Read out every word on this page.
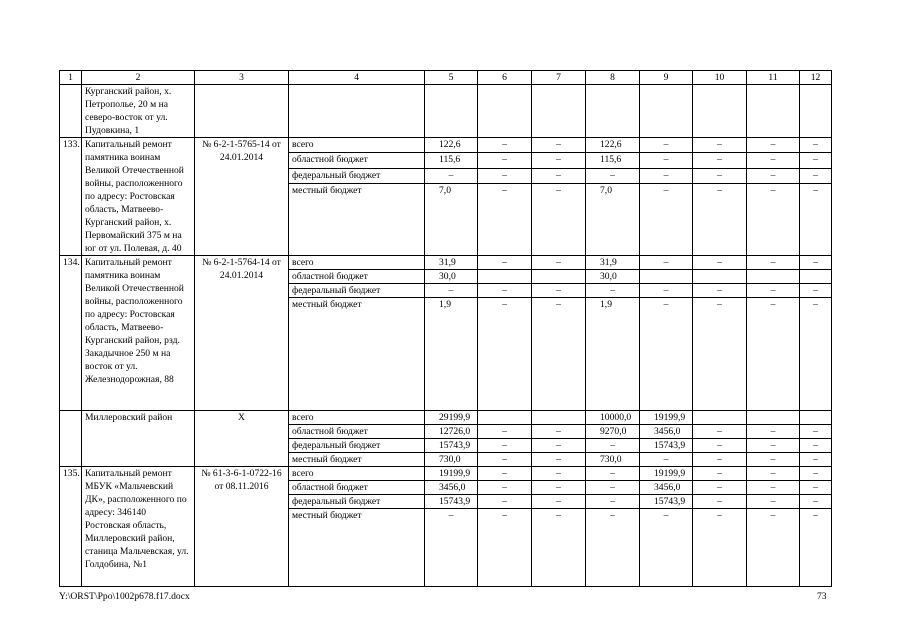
1	2	3	4	5	6	7	8	9	10	11	12
	Курганский район, х. Петрополье, 20 м на северо-восток от ул. Пудовкина, 1										
133.	Капитальный ремонт памятника воинам Великой Отечественной войны, расположенного по адресу: Ростовская область, Матвеево-Курганский район, х. Первомайский 375 м на юг от ул. Полевая, д. 40	№ 6-2-1-5765-14 от 24.01.2014	всего	122,6	–	–	122,6	–	–	–	–
			областной бюджет	115,6	–	–	115,6	–	–	–	–
			федеральный бюджет	–	–	–	–	–	–	–	–
			местный бюджет	7,0	–	–	7,0	–	–	–	–
134.	Капитальный ремонт памятника воинам Великой Отечественной войны, расположенного по адресу: Ростовская область, Матвеево-Курганский район, рзд. Закадычное 250 м на восток от ул. Железнодорожная, 88	№ 6-2-1-5764-14 от 24.01.2014	всего	31,9	–	–	31,9	–	–	–	–
			областной бюджет	30,0			30,0				
			федеральный бюджет	–	–	–	–	–	–	–	–
			местный бюджет	1,9	–	–	1,9	–	–	–	–
	Миллеровский район	Х	всего	29199,9			10000,0	19199,9			
			областной бюджет	12726,0	–	–	9270,0	3456,0	–	–	–
			федеральный бюджет	15743,9	–	–	–	15743,9	–	–	–
			местный бюджет	730,0	–	–	730,0	–	–	–	–
135.	Капитальный ремонт МБУК «Мальчевский ДК», расположенного по адресу: 346140 Ростовская область, Миллеровский район, станица Мальчевская, ул. Голдобина, №1	№ 61-3-6-1-0722-16 от 08.11.2016	всего	19199,9	–	–	–	19199,9	–	–	–
			областной бюджет	3456,0	–	–	–	3456,0	–	–	–
			федеральный бюджет	15743,9	–	–	–	15743,9	–	–	–
			местный бюджет	–	–	–	–	–	–	–	–
Y:\ORST\Ppo\1002p678.f17.docx	73
